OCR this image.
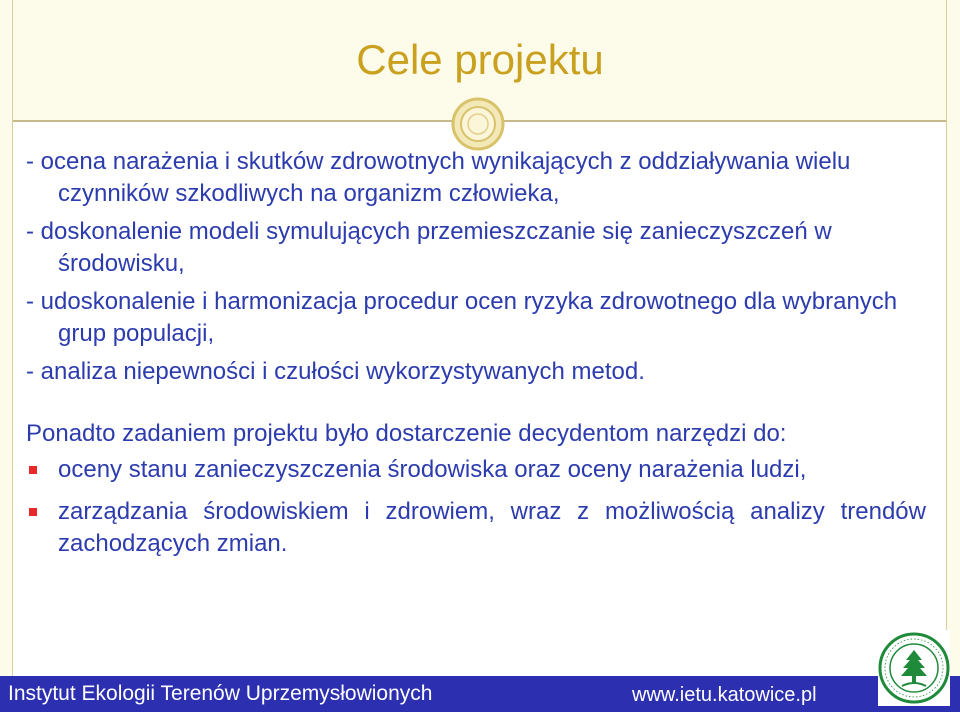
Cele projektu
- ocena narażenia i skutków zdrowotnych wynikających z oddziaływania wielu czynników szkodliwych na organizm człowieka,
- doskonalenie modeli symulujących przemieszczanie się zanieczyszczeń w środowisku,
- udoskonalenie i harmonizacja procedur ocen ryzyka zdrowotnego dla wybranych grup populacji,
- analiza niepewności i czułości wykorzystywanych metod.
Ponadto zadaniem projektu było dostarczenie decydentom narzędzi do:
oceny stanu zanieczyszczenia środowiska oraz oceny narażenia ludzi,
zarządzania środowiskiem i zdrowiem, wraz z możliwością analizy trendów zachodzących zmian.
Instytut Ekologii Terenów Uprzemysłowionych	www.ietu.katowice.pl
